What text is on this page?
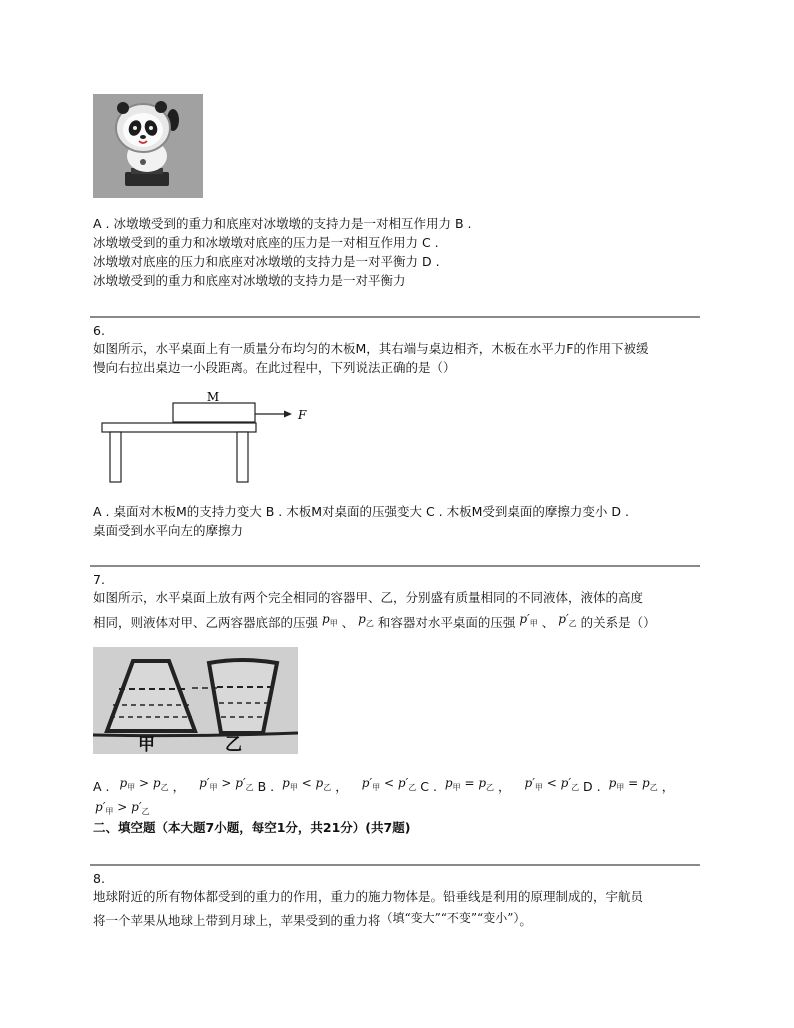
A . 冰墩墩受到的重力和底座对冰墩墩的支持力是一对相互作用力 B .
冰墩墩受到的重力和冰墩墩对底座的压力是一对相互作用力 C .
冰墩墩对底座的压力和底座对冰墩墩的支持力是一对平衡力 D .
冰墩墩受到的重力和底座对冰墩墩的支持力是一对平衡力
6.
如图所示，水平桌面上有一质量分布均匀的木板M，其右端与桌边相齐，木板在水平力F的作用下被缓
慢向右拉出桌边一小段距离。在此过程中，下列说法正确的是（）
M
F
A . 桌面对木板M的支持力变大 B . 木板M对桌面的压强变大 C . 木板M受到桌面的摩擦力变小 D .
桌面受到水平向左的摩擦力
7.
如图所示，水平桌面上放有两个完全相同的容器甲、乙，分别盛有质量相同的不同液体，液体的高度
相同，则液体对甲、乙两容器底部的压强 $p_甲$ 、 $p_乙$ 和容器对水平桌面的压强 $p'_甲$ 、 $p'_乙$ 的关系是（）
甲	乙
A . $p_甲 > p_乙$ ， $p'_甲 > p'_乙$ B . $p_甲 < p_乙$ ， $p'_甲 < p'_乙$ C . $p_甲 = p_乙$ ， $p'_甲 < p'_乙$ D . $p_甲 = p_乙$ ，
$p'_甲 > p'_乙$
二、填空题（本大题7小题，每空1分，共21分）(共7题)
8.
地球附近的所有物体都受到的重力的作用，重力的施力物体是。铅垂线是利用的原理制成的，宇航员
将一个苹果从地球上带到月球上，苹果受到的重力将（填“变大”“不变”“变小”）。
